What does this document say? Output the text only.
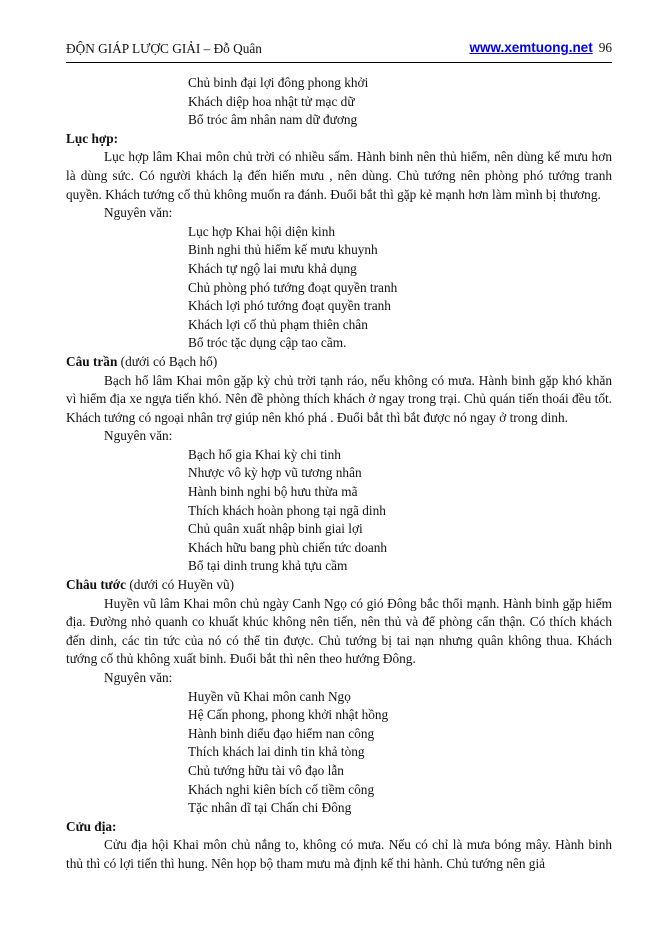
ĐỘN GIÁP LƯỢC GIẢI – Đỗ Quân	www.xemtuong.net 96

Chủ binh đại lợi đông phong khởi

Khách diệp hoa nhật tử mạc dữ

Bổ tróc âm nhân nam dữ đương

Lục hợp:

Lục hợp lâm Khai môn chủ trời có nhiều sấm. Hành binh nên thủ hiểm, nên dùng kế mưu hơn là dùng sức. Có người khách lạ đến hiến mưu , nên dùng. Chủ tướng nên phòng phó tướng tranh quyền. Khách tướng cố thủ không muốn ra đánh. Đuổi bắt thì gặp kẻ mạnh hơn làm mình bị thương.

Nguyên văn:

Lục hợp Khai hội diện kinh

Binh nghi thủ hiểm kế mưu khuynh

Khách tự ngộ lai mưu khả dụng

Chủ phòng phó tướng đoạt quyền tranh

Khách lợi phó tướng đoạt quyền tranh

Khách lợi cố thủ phạm thiên chân

Bổ tróc tặc dụng cập tao cầm.

Câu trần (dưới có Bạch hổ)

Bạch hổ lâm Khai môn gặp kỳ chủ trời tạnh ráo, nếu không có mưa. Hành binh gặp khó khăn vì hiểm địa xe ngựa tiến khó. Nên đề phòng thích khách ở ngay trong trại. Chủ quán tiến thoái đều tốt. Khách tướng có ngoại nhân trợ giúp nên khó phá . Đuổi bắt thì bắt được nó ngay ở trong dinh.

Nguyên văn:

Bạch hổ gia Khai kỳ chi tinh

Nhược vô kỳ hợp vũ tương nhân

Hành binh nghi bộ hưu thừa mã

Thích khách hoàn phong tại ngã dinh

Chủ quân xuất nhập binh giai lợi

Khách hữu bang phù chiến tức doanh

Bổ tại dinh trung khả tựu cầm

Châu tước (dưới có Huyền vũ)

Huyền vũ lâm Khai môn chủ ngày Canh Ngọ có gió Đông bắc thổi mạnh. Hành binh gặp hiểm địa. Đường nhỏ quanh co khuất khúc không nên tiến, nên thủ và để phòng cẩn thận. Có thích khách đến dinh, các tin tức của nó có thể tin được. Chủ tướng bị tai nạn nhưng quân không thua. Khách tướng cố thủ không xuất binh. Đuổi bắt thì nên theo hướng Đông.

Nguyên văn:

Huyền vũ Khai môn canh Ngọ

Hệ Cấn phong, phong khởi nhật hồng

Hành binh diểu đạo hiểm nan công

Thích khách lai dinh tin khả tòng

Chủ tướng hữu tài vô đạo lẫn

Khách nghi kiên bích cố tiềm công

Tặc nhân dĩ tại Chấn chi Đông

Cửu địa:

Cửu địa hội Khai môn chủ nắng to, không có mưa. Nếu có chỉ là mưa bóng mây. Hành binh thủ thì có lợi tiến thì hung. Nên họp bộ tham mưu mà định kế thi hành. Chủ tướng nên giả
